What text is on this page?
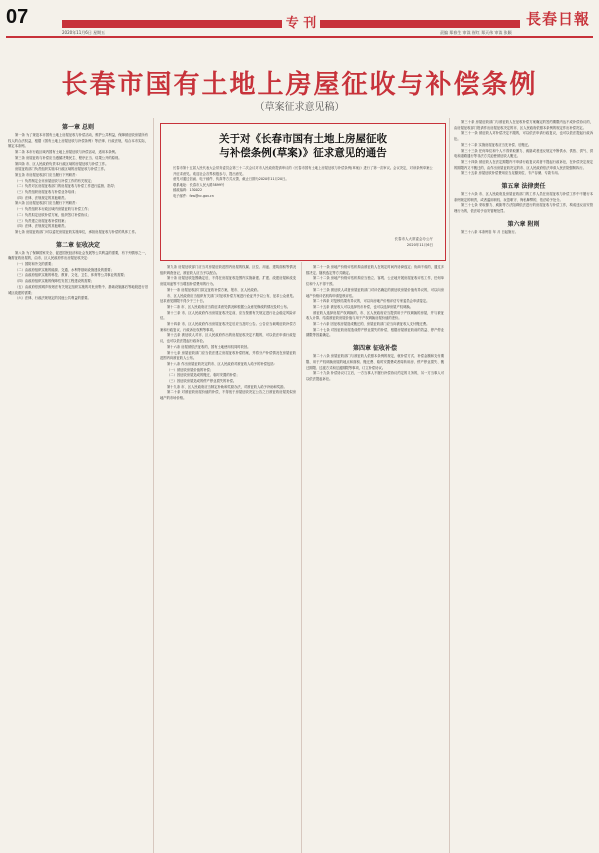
07	专 刊
2020年11月6日 星期五	责编 郑春生 审读 崔红 郑天伟 审读 张颖
長春日報
长春市国有土地上房屋征收与补偿条例
（草案征求意见稿）
第一章 总则

第一条 为了规范本市国有土地上房屋征收与补偿活动，维护公共利益，保障被征收房屋所有权人的合法权益，根据《国有土地上房屋征收与补偿条例》等法律、行政法规，结合本市实际，制定本条例。

第二条 本市行政区域内国有土地上房屋征收与补偿活动，适用本条例。

第三条 房屋征收与补偿应当遵循决策民主、程序正当、结果公开的原则。

第四条 市、区人民政府负责本行政区域的房屋征收与补偿工作。

房屋征收部门负责组织实施本行政区域的房屋征收与补偿工作。

第五条 市房屋征收部门应当履行下列职责：

（一）负责制定全市房屋征收与补偿工作的有关规定；

（二）负责对区房屋征收部门的房屋征收与补偿工作进行监督、指导；

（三）负责组织房屋征收与补偿业务培训；

（四）法律、法规规定的其他职责。

第六条 区房屋征收部门应当履行下列职责：

（一）负责组织本行政区域内房屋征收与补偿工作；

（二）负责拟定征收补偿方案，组织签订补偿协议；

（三）负责建立房屋征收补偿档案；

（四）法律、法规规定的其他职责。

第七条 房屋征收部门可以委托房屋征收实施单位，承担房屋征收与补偿的具体工作。

第二章 征收决定

第八条 为了保障国家安全、促进国民经济和社会发展等公共利益的需要，有下列情形之一，确需征收房屋的，由市、区人民政府作出房屋征收决定：

（一）国防和外交的需要；

（二）由政府组织实施的能源、交通、水利等基础设施建设的需要；

（三）由政府组织实施的科技、教育、文化、卫生、体育等公共事业的需要；

（四）由政府组织实施的保障性安居工程建设的需要；

（五）由政府依照城乡规划法有关规定组织实施的对危房集中、基础设施落后等地段进行旧城区改建的需要；

（六）法律、行政法规规定的其他公共利益的需要。

关于对《长春市国有土地上房屋征收
与补偿条例(草案)》征求意见的通告

长春市第十五届人民代表大会常务委员会第三十二次会议对市人民政府提请审议的《长春市国有土地上房屋征收与补偿条例(草案)》进行了第一次审议。会议决定，对该条例草案公开征求意见。欢迎社会各界积极参与，提出意见。

意见可通过信函、电子邮件、传真等方式反馈，截止日期为2020年11月20日。

联系地址：长春市人民大路3899号

邮政编码：130022

电子邮件：fzw@cc.gov.cn

长春市人大常委会办公厅
2020年11月6日

第九条 房屋征收部门应当对房屋征收范围内房屋的权属、区位、用途、建筑面积等情况组织调查登记，被征收人应当予以配合。

第十条 房屋征收范围确定后，不得在房屋征收范围内实施新建、扩建、改建房屋和改变房屋用途等不当增加补偿费用的行为。

第十一条 房屋征收部门拟定征收补偿方案，报市、区人民政府。

市、区人民政府应当组织有关部门对征收补偿方案进行论证并予以公布，征求公众意见。征求意见期限不得少于三十日。

第十二条 市、区人民政府应当将征求意见情况和根据公众意见修改的情况及时公布。

第十三条 市、区人民政府作出房屋征收决定前，应当按照有关规定进行社会稳定风险评估。

第十四条 市、区人民政府作出房屋征收决定后应当及时公告。公告应当载明征收补偿方案和行政复议、行政诉讼权利等事项。

第十五条 被征收人对市、区人民政府作出的房屋征收决定不服的，可以依法申请行政复议，也可以依法提起行政诉讼。

第十六条 房屋被依法征收的，国有土地使用权同时收回。

第十七条 房屋征收部门应当依法建立房屋征收补偿档案，并将分户补偿情况在房屋征收范围内向被征收人公布。

第十八条 作出房屋征收决定的市、区人民政府对被征收人给予的补偿包括：

（一）被征收房屋价值的补偿；

（二）因征收房屋造成的搬迁、临时安置的补偿；

（三）因征收房屋造成的停产停业损失的补偿。

第十九条 市、区人民政府应当制定补助和奖励办法，对被征收人给予补助和奖励。

第二十条 对被征收房屋价值的补偿，不得低于房屋征收决定公告之日被征收房屋类似房地产的市场价格。

第二十一条 房地产价格评估机构由被征收人在规定时间内协商选定；协商不成的，通过多数决定、随机选定等方式确定。

第二十二条 房地产价格评估机构应当独立、客观、公正地开展房屋征收评估工作，任何单位和个人不得干预。

第二十三条 被征收人或者房屋征收部门对评估确定的被征收房屋价值有异议的，可以向房地产价格评估机构申请复核评估。

第二十四条 对复核结果有异议的，可以向房地产价格评估专家委员会申请鉴定。

第二十五条 被征收人可以选择货币补偿，也可以选择房屋产权调换。

被征收人选择房屋产权调换的，市、区人民政府应当提供用于产权调换的房屋，并与被征收人计算、结清被征收房屋价值与用于产权调换房屋价值的差价。

第二十六条 因征收房屋造成搬迁的，房屋征收部门应当向被征收人支付搬迁费。

第二十七条 对因征收房屋造成停产停业损失的补偿，根据房屋被征收前的效益、停产停业期限等因素确定。

第四章 征收补偿

第二十八条 房屋征收部门与被征收人依照本条例的规定，就补偿方式、补偿金额和支付期限、用于产权调换房屋的地点和面积、搬迁费、临时安置费或者周转用房、停产停业损失、搬迁期限、过渡方式和过渡期限等事项，订立补偿协议。

第二十九条 补偿协议订立后，一方当事人不履行补偿协议约定的义务的，另一方当事人可以依法提起诉讼。

第三十条 房屋征收部门与被征收人在征收补偿方案确定的签约期限内达不成补偿协议的，由房屋征收部门报请作出房屋征收决定的市、区人民政府依照本条例的规定作出补偿决定。

第三十一条 被征收人对补偿决定不服的，可以依法申请行政复议，也可以依法提起行政诉讼。

第三十二条 实施房屋征收应当先补偿、后搬迁。

第三十三条 任何单位和个人不得采取暴力、威胁或者违反规定中断供水、供热、供气、供电和道路通行等非法方式迫使被征收人搬迁。

第三十四条 被征收人在法定期限内不申请行政复议或者不提起行政诉讼，在补偿决定规定的期限内又不搬迁的，由作出房屋征收决定的市、区人民政府依法申请人民法院强制执行。

第三十五条 房屋征收补偿费用应当足额到位、专户存储、专款专用。

第五章 法律责任

第三十六条 市、区人民政府及房屋征收部门的工作人员在房屋征收与补偿工作中不履行本条例规定的职责，或者滥用职权、玩忽职守、徇私舞弊的，依法给予处分。

第三十七条 采取暴力、威胁等方法阻碍依法进行的房屋征收与补偿工作，构成违反治安管理行为的，依法给予治安管理处罚。

第六章 附则

第三十八条 本条例自 年 月 日起施行。
